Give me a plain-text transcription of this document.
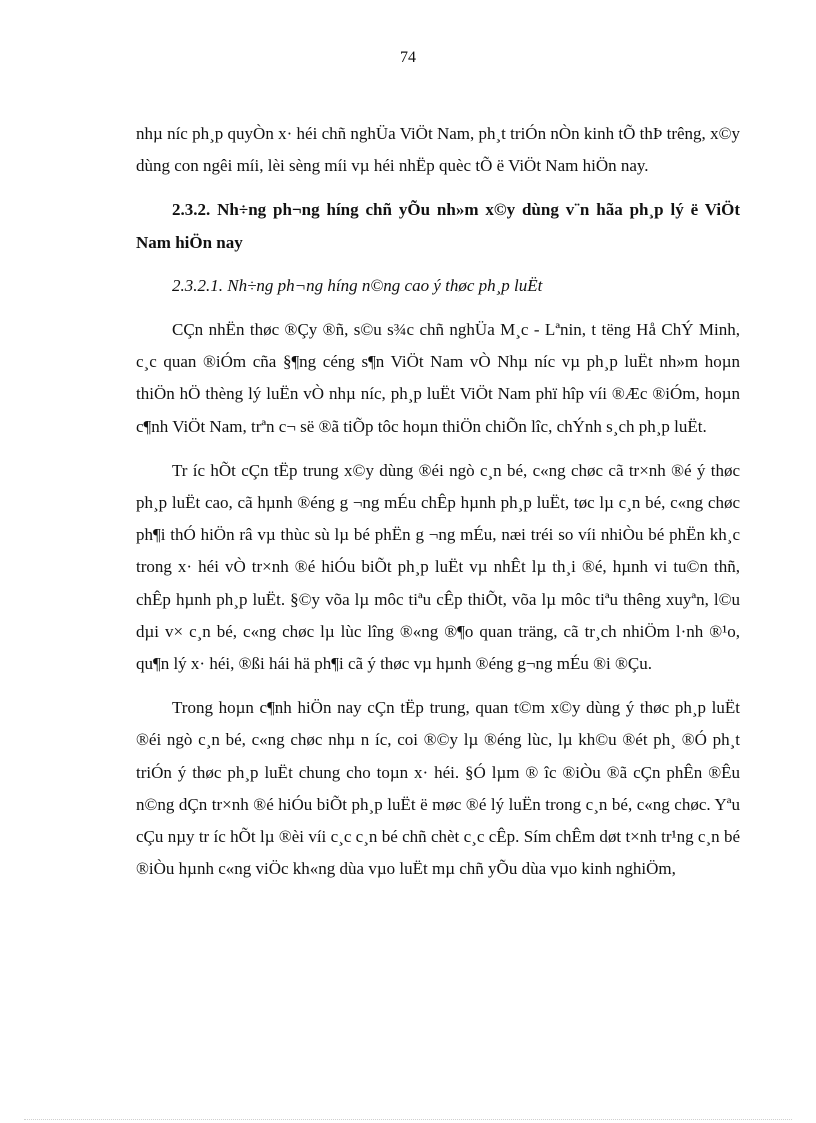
74

nhµ níc ph¸p quyÒn x· héi chñ nghÜa ViÖt Nam, ph¸t triÓn nÒn kinh tÕ thÞ trêng, x©y dùng con ngêi míi, lèi sèng míi vµ héi nhËp quèc tÕ ë ViÖt Nam hiÖn nay.

2.3.2. Nh÷ng ph¬ng híng chñ yÕu nh»m x©y dùng v¨n hãa ph¸p lý ë ViÖt Nam hiÖn nay

2.3.2.1. Nh÷ng ph¬ng híng n©ng cao ý thøc ph¸p luËt

CÇn nhËn thøc ®Çy ®ñ, s©u s¾c chñ nghÜa M¸c - Lªnin, t tëng Hå ChÝ Minh, c¸c quan ®iÓm cña §¶ng céng s¶n ViÖt Nam vÒ Nhµ níc vµ ph¸p luËt nh»m hoµn thiÖn hÖ thèng lý luËn vÒ nhµ níc, ph¸p luËt ViÖt Nam phï hîp víi ®Æc ®iÓm, hoµn c¶nh ViÖt Nam, trªn c¬ së ®ã tiÕp tôc hoµn thiÖn chiÕn lîc, chÝnh s¸ch ph¸p luËt.

Tr íc hÕt cÇn tËp trung x©y dùng ®éi ngò c¸n bé, c«ng chøc cã tr×nh ®é ý thøc ph¸p luËt cao, cã hµnh ®éng g ¬ng mÉu chÊp hµnh ph¸p luËt, tøc lµ c¸n bé, c«ng chøc ph¶i thÓ hiÖn râ vµ thùc sù lµ bé phËn g ¬ng mÉu, næi tréi so víi nhiÒu bé phËn kh¸c trong x· héi vÒ tr×nh ®é hiÓu biÕt ph¸p luËt vµ nhÊt lµ th¸i ®é, hµnh vi tu©n thñ, chÊp hµnh ph¸p luËt. §©y võa lµ môc tiªu cÊp thiÕt, võa lµ môc tiªu thêng xuyªn, l©u dµi v× c¸n bé, c«ng chøc lµ lùc lîng ®«ng ®¶o quan träng, cã tr¸ch nhiÖm l·nh ®¹o, qu¶n lý x· héi, ®ßi hái hä ph¶i cã ý thøc vµ hµnh ®éng g¬ng mÉu ®i ®Çu.

Trong hoµn c¶nh hiÖn nay cÇn tËp trung, quan t©m x©y dùng ý thøc ph¸p luËt ®éi ngò c¸n bé, c«ng chøc nhµ n íc, coi ®©y lµ ®éng lùc, lµ kh©u ®ét ph¸ ®Ó ph¸t triÓn ý thøc ph¸p luËt chung cho toµn x· héi. §Ó lµm ® îc ®iÒu ®ã cÇn phÊn ®Êu n©ng dÇn tr×nh ®é hiÓu biÕt ph¸p luËt ë møc ®é lý luËn trong c¸n bé, c«ng chøc. Yªu cÇu nµy tr íc hÕt lµ ®èi víi c¸c c¸n bé chñ chèt c¸c cÊp. Sím chÊm døt t×nh tr¹ng c¸n bé ®iÒu hµnh c«ng viÖc kh«ng dùa vµo luËt mµ chñ yÕu dùa vµo kinh nghiÖm,
